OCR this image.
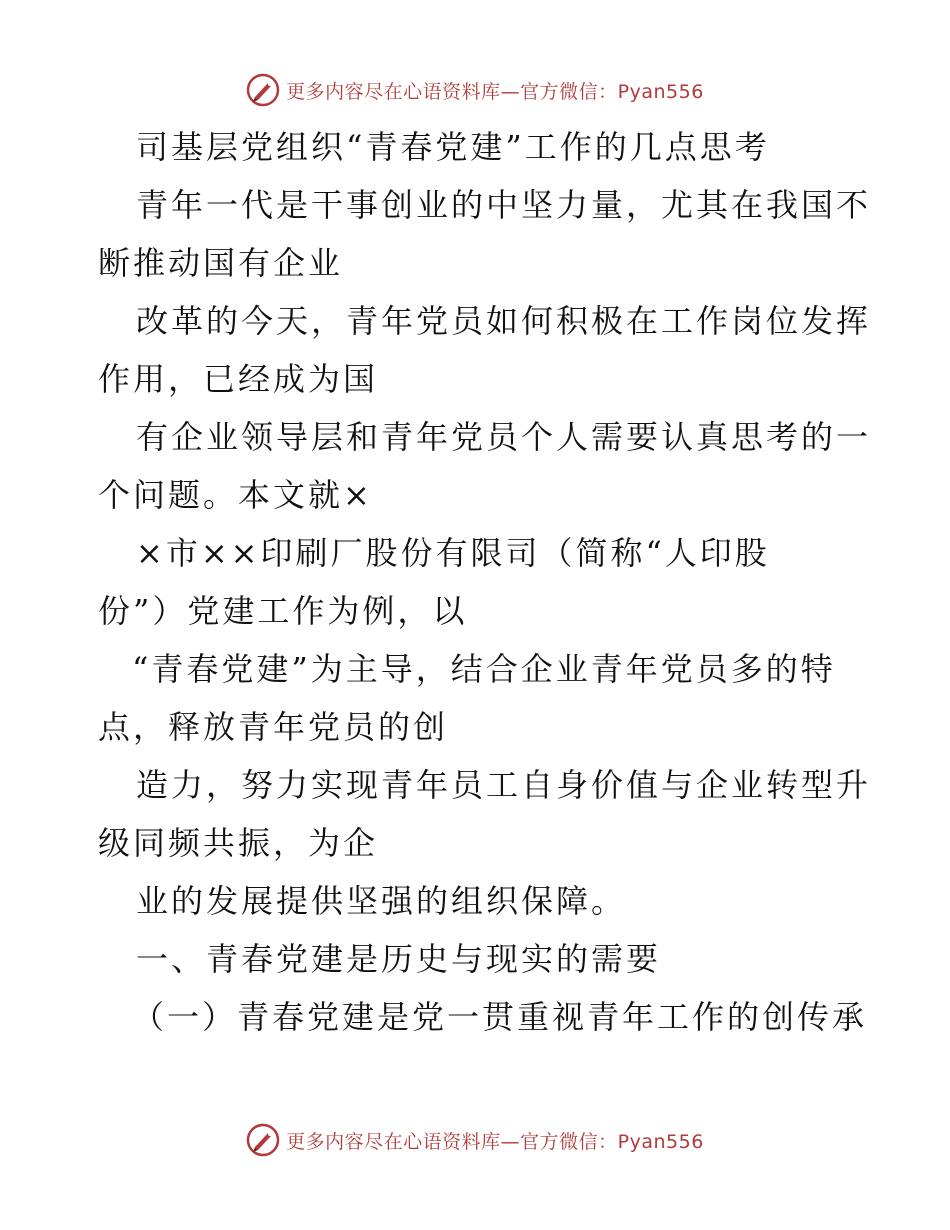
更多内容尽在心语资料库—官方微信：Pyan556
司基层党组织“青春党建”工作的几点思考
青年一代是干事创业的中坚力量，尤其在我国不
断推动国有企业
改革的今天，青年党员如何积极在工作岗位发挥
作用，已经成为国
有企业领导层和青年党员个人需要认真思考的一
个问题。本文就×
×市××印刷厂股份有限司（简称“人印股
份”）党建工作为例，以
“青春党建”为主导，结合企业青年党员多的特
点，释放青年党员的创
造力，努力实现青年员工自身价值与企业转型升
级同频共振，为企
业的发展提供坚强的组织保障。
一、青春党建是历史与现实的需要
（一）青春党建是党一贯重视青年工作的创传承
更多内容尽在心语资料库—官方微信：Pyan556
